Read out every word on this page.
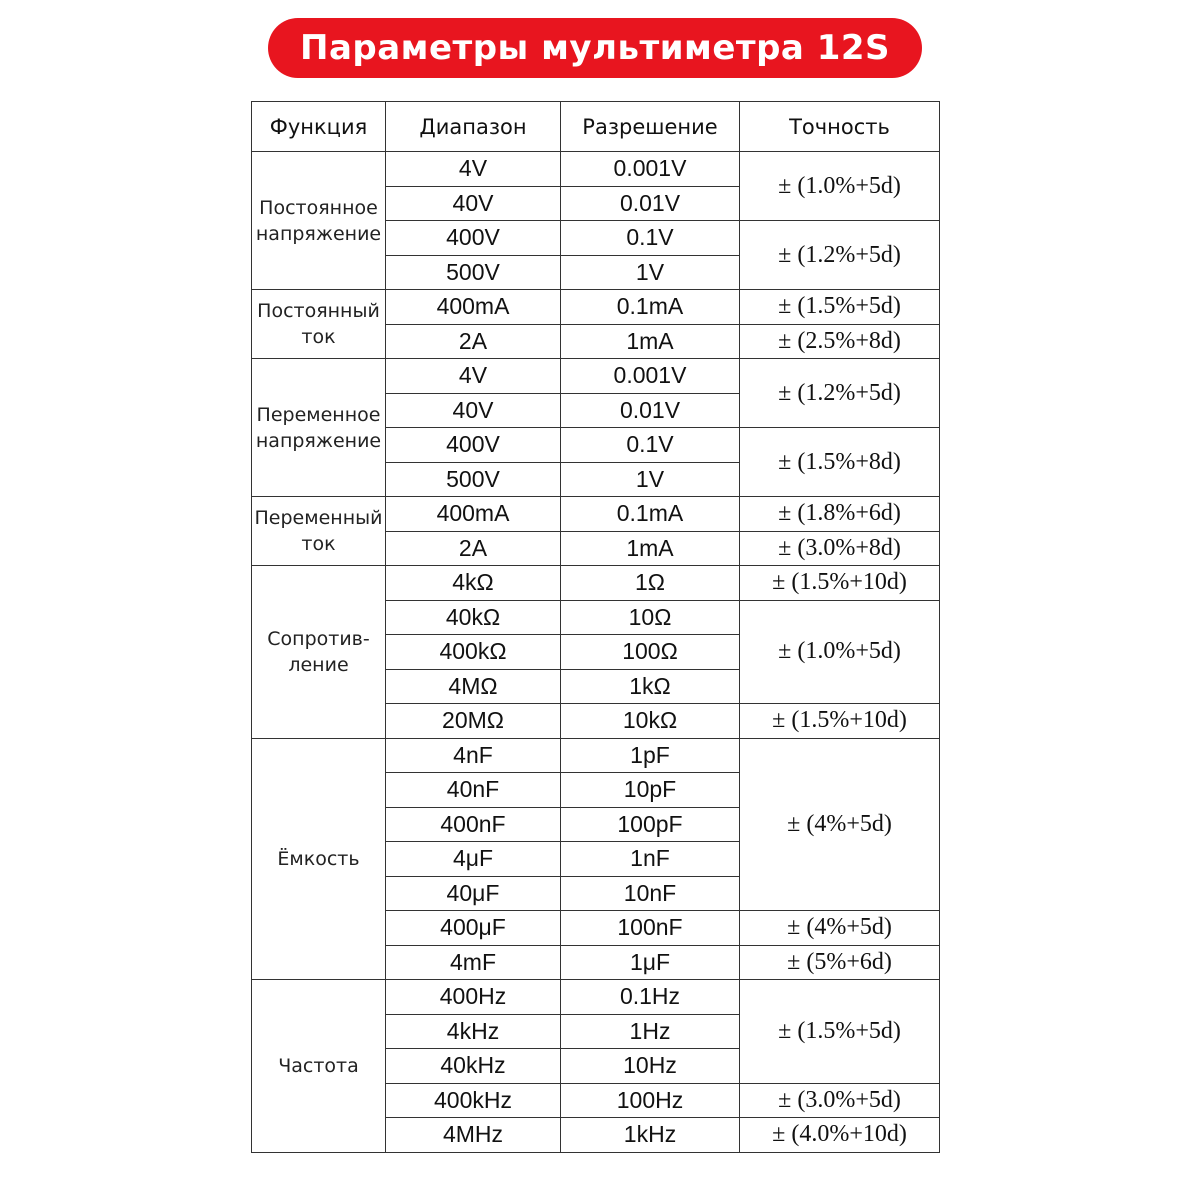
Параметры мультиметра 12S
Функция	Диапазон	Разрешение	Точность

Постоянное
напряжение	4V	0.001V	± (1.0%+5d)
	40V	0.01V	
	400V	0.1V	± (1.2%+5d)
	500V	1V	

Постоянный
ток	400mA	0.1mA	± (1.5%+5d)
	2A	1mA	± (2.5%+8d)

Переменное
напряжение	4V	0.001V	± (1.2%+5d)
	40V	0.01V	
	400V	0.1V	± (1.5%+8d)
	500V	1V	

Переменный
ток	400mA	0.1mA	± (1.8%+6d)
	2A	1mA	± (3.0%+8d)

Сопротив-
ление	4kΩ	1Ω	± (1.5%+10d)
	40kΩ	10Ω	± (1.0%+5d)
	400kΩ	100Ω	
	4MΩ	1kΩ	
	20MΩ	10kΩ	± (1.5%+10d)

Ёмкость	4nF	1pF	± (4%+5d)
	40nF	10pF	
	400nF	100pF	
	4μF	1nF	
	40μF	10nF	
	400μF	100nF	± (4%+5d)
	4mF	1μF	± (5%+6d)

Частота	400Hz	0.1Hz	± (1.5%+5d)
	4kHz	1Hz	
	40kHz	10Hz	
	400kHz	100Hz	± (3.0%+5d)
	4MHz	1kHz	± (4.0%+10d)
